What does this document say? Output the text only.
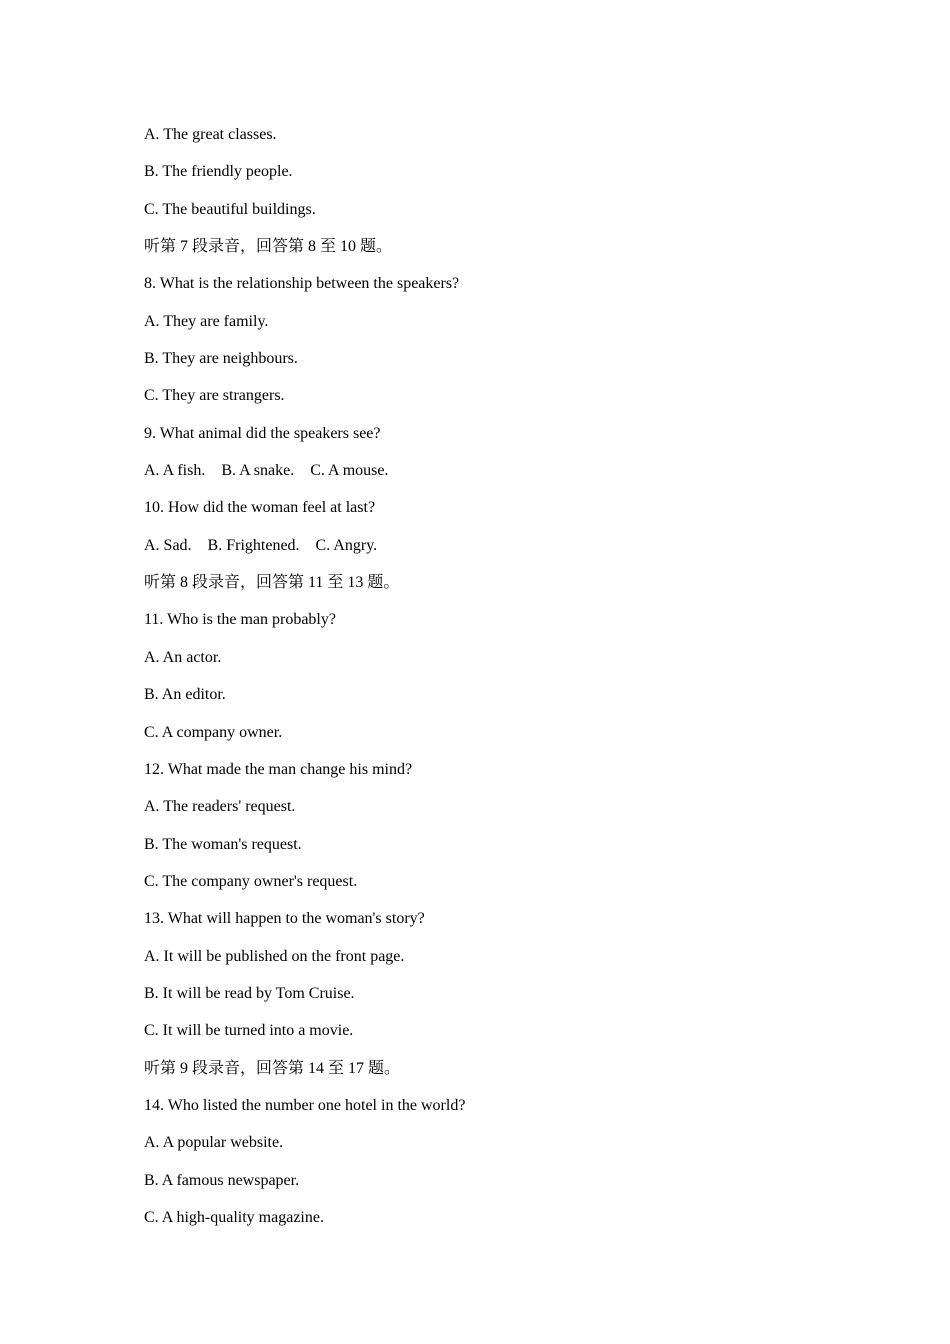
A. The great classes.
B. The friendly people.
C. The beautiful buildings.
听第 7 段录音，回答第 8 至 10 题。
8. What is the relationship between the speakers?
A. They are family.
B. They are neighbours.
C. They are strangers.
9. What animal did the speakers see?
A. A fish.    B. A snake.    C. A mouse.
10. How did the woman feel at last?
A. Sad.    B. Frightened.    C. Angry.
听第 8 段录音，回答第 11 至 13 题。
11. Who is the man probably?
A. An actor.
B. An editor.
C. A company owner.
12. What made the man change his mind?
A. The readers' request.
B. The woman's request.
C. The company owner's request.
13. What will happen to the woman's story?
A. It will be published on the front page.
B. It will be read by Tom Cruise.
C. It will be turned into a movie.
听第 9 段录音，回答第 14 至 17 题。
14. Who listed the number one hotel in the world?
A. A popular website.
B. A famous newspaper.
C. A high-quality magazine.
